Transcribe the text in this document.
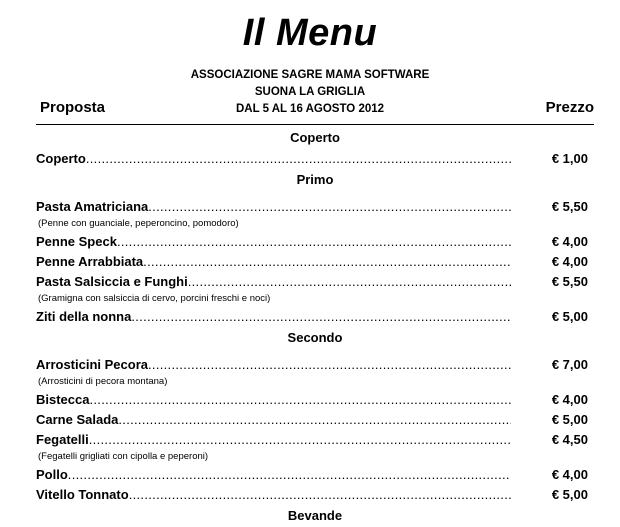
Il Menu
ASSOCIAZIONE SAGRE MAMA SOFTWARE
SUONA LA GRIGLIA
DAL 5 AL 16 AGOSTO 2012
Proposta	Prezzo
Coperto
Coperto .....	€ 1,00
Primo
Pasta Amatriciana .....	€ 5,50
(Penne con guanciale, peperoncino, pomodoro)
Penne Speck .....	€ 4,00
Penne Arrabbiata .....	€ 4,00
Pasta Salsiccia e Funghi .....	€ 5,50
(Gramigna con salsiccia di cervo, porcini freschi e noci)
Ziti della nonna .....	€ 5,00
Secondo
Arrosticini Pecora .....	€ 7,00
(Arrosticini di pecora montana)
Bistecca .....	€ 4,00
Carne Salada .....	€ 5,00
Fegatelli .....	€ 4,50
(Fegatelli grigliati con cipolla e peperoni)
Pollo .....	€ 4,00
Vitello Tonnato .....	€ 5,00
Bevande
